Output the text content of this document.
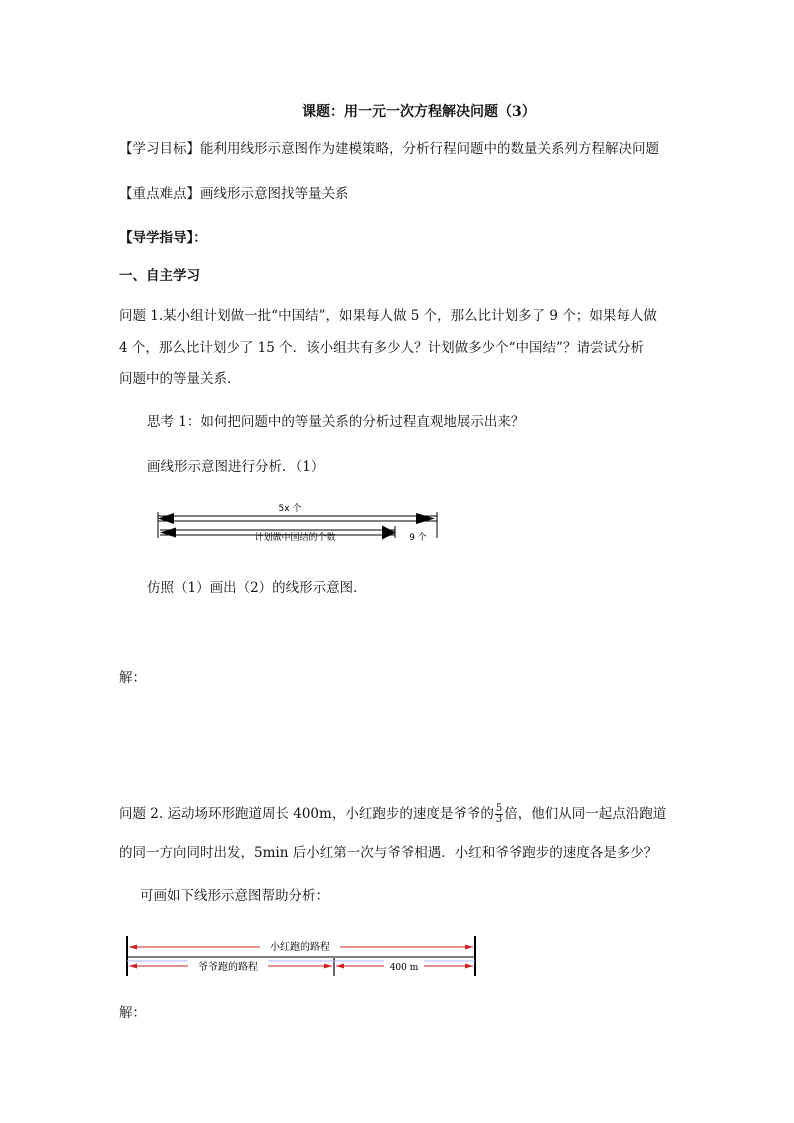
课题：用一元一次方程解决问题（3）
【学习目标】能利用线形示意图作为建模策略，分析行程问题中的数量关系列方程解决问题
【重点难点】画线形示意图找等量关系
【导学指导】：
一、自主学习
问题 1.某小组计划做一批“中国结”，如果每人做 5 个，那么比计划多了 9 个；如果每人做
4 个，那么比计划少了 15 个．该小组共有多少人？计划做多少个“中国结”？请尝试分析
问题中的等量关系．
思考 1：如何把问题中的等量关系的分析过程直观地展示出来？
画线形示意图进行分析．（1）
5x 个
计划做中国结的个数	9 个
仿照（1）画出（2）的线形示意图．
解：
问题 2. 运动场环形跑道周长 400m，小红跑步的速度是爷爷的 $\frac{5}{3}$ 倍，他们从同一起点沿跑道
的同一方向同时出发，5min 后小红第一次与爷爷相遇．小红和爷爷跑步的速度各是多少？
可画如下线形示意图帮助分析：
小红跑的路程
爷爷跑的路程	400 m
解：
